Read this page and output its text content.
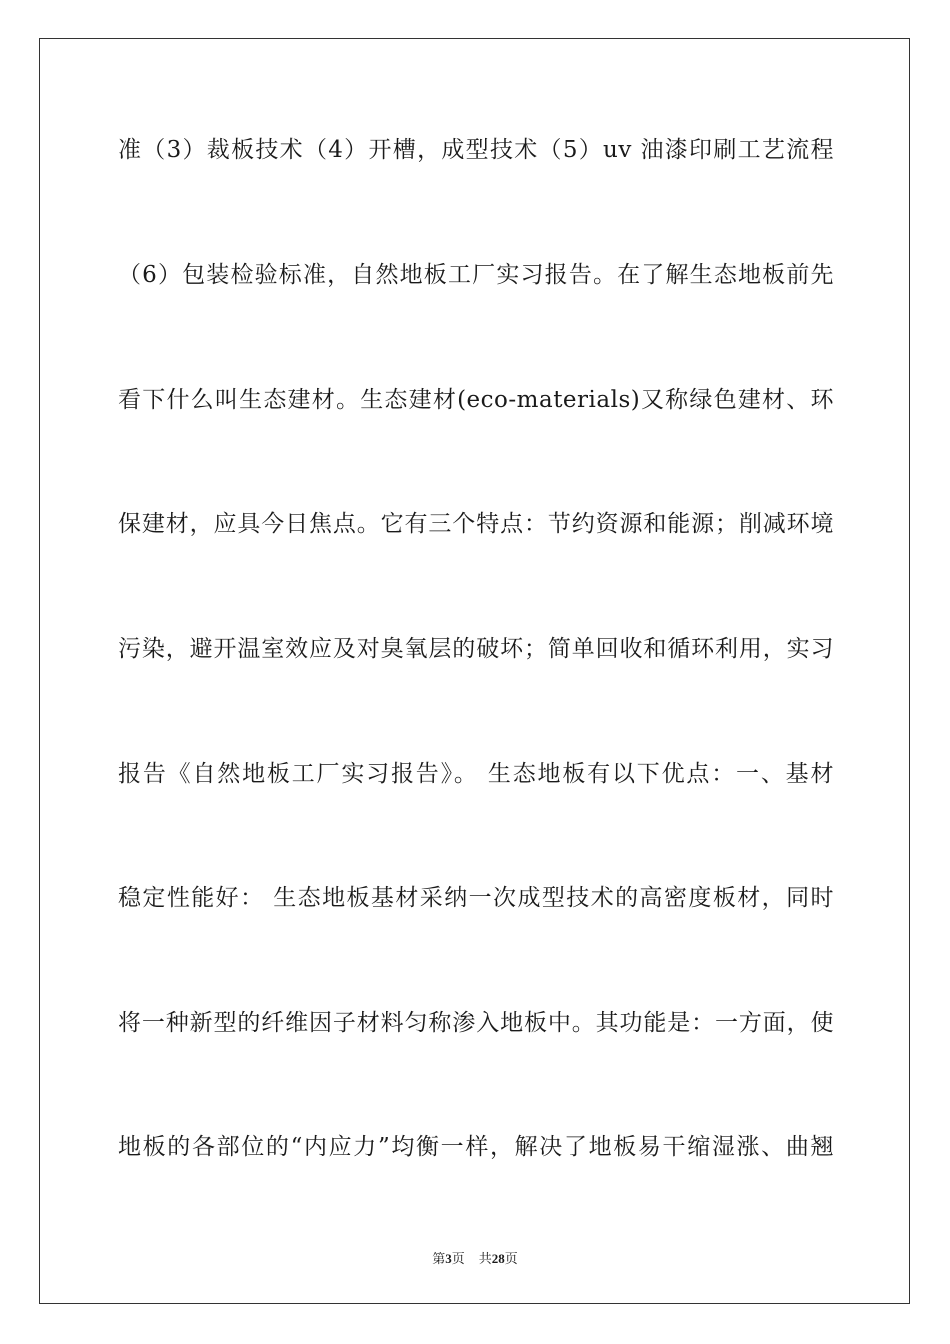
准（3）裁板技术（4）开槽，成型技术（5）uv 油漆印刷工艺流程
（6）包装检验标准，自然地板工厂实习报告。在了解生态地板前先
看下什么叫生态建材。生态建材(eco-materials)又称绿色建材、环
保建材，应具今日焦点。它有三个特点：节约资源和能源；削减环境
污染，避开温室效应及对臭氧层的破坏；简单回收和循环利用，实习
报告《自然地板工厂实习报告》。 生态地板有以下优点：一、基材
稳定性能好： 生态地板基材采纳一次成型技术的高密度板材，同时
将一种新型的纤维因子材料匀称渗入地板中。其功能是：一方面，使
地板的各部位的“内应力”均衡一样，解决了地板易干缩湿涨、曲翘
第3页 共28页
